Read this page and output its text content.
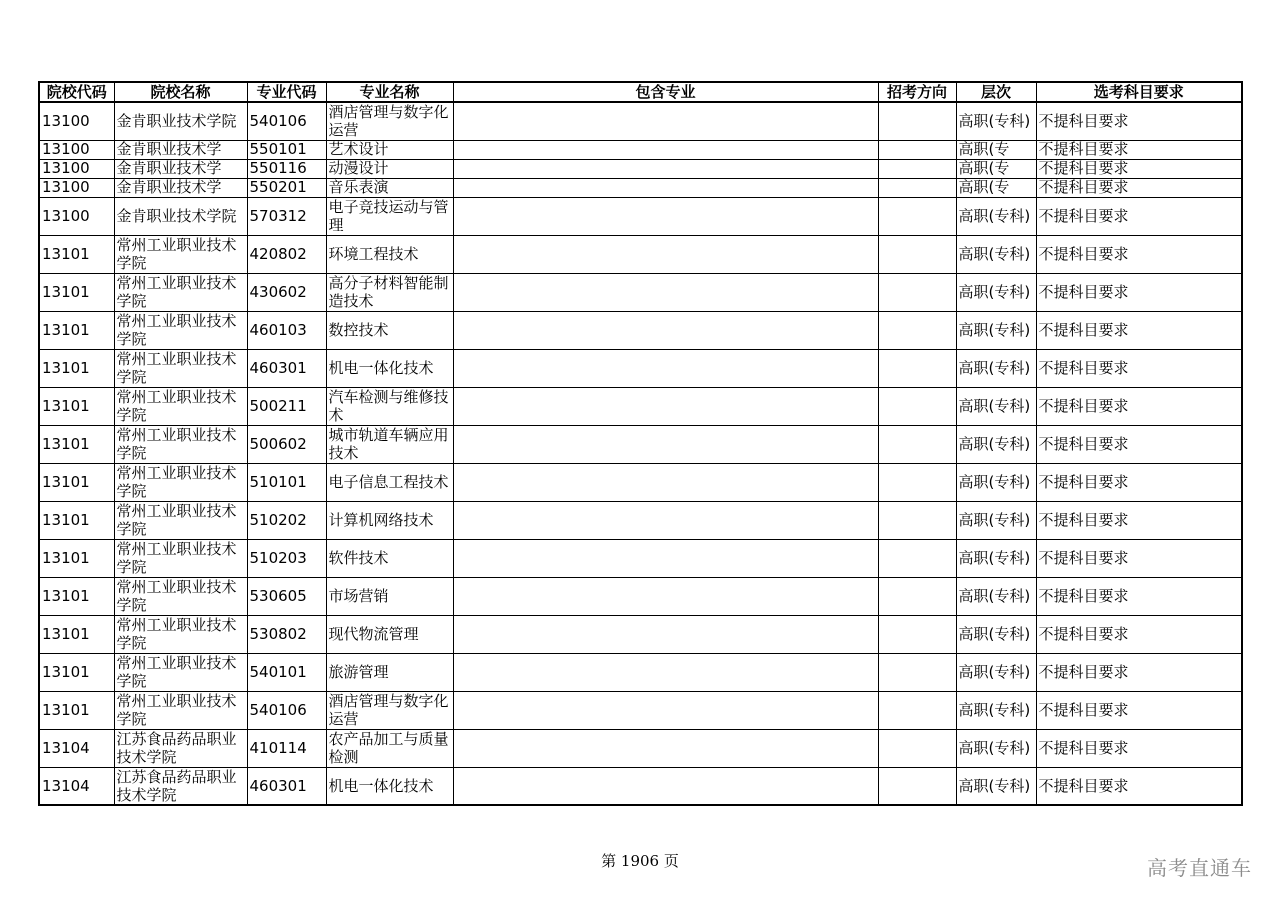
院校代码	院校名称	专业代码	专业名称	包含专业	招考方向	层次	选考科目要求
13100	金肯职业技术学院	540106	酒店管理与数字化运营			高职(专科)	不提科目要求
13100	金肯职业技术学	550101	艺术设计			高职(专	不提科目要求
13100	金肯职业技术学	550116	动漫设计			高职(专	不提科目要求
13100	金肯职业技术学	550201	音乐表演			高职(专	不提科目要求
13100	金肯职业技术学院	570312	电子竞技运动与管理			高职(专科)	不提科目要求
13101	常州工业职业技术学院	420802	环境工程技术			高职(专科)	不提科目要求
13101	常州工业职业技术学院	430602	高分子材料智能制造技术			高职(专科)	不提科目要求
13101	常州工业职业技术学院	460103	数控技术			高职(专科)	不提科目要求
13101	常州工业职业技术学院	460301	机电一体化技术			高职(专科)	不提科目要求
13101	常州工业职业技术学院	500211	汽车检测与维修技术			高职(专科)	不提科目要求
13101	常州工业职业技术学院	500602	城市轨道车辆应用技术			高职(专科)	不提科目要求
13101	常州工业职业技术学院	510101	电子信息工程技术			高职(专科)	不提科目要求
13101	常州工业职业技术学院	510202	计算机网络技术			高职(专科)	不提科目要求
13101	常州工业职业技术学院	510203	软件技术			高职(专科)	不提科目要求
13101	常州工业职业技术学院	530605	市场营销			高职(专科)	不提科目要求
13101	常州工业职业技术学院	530802	现代物流管理			高职(专科)	不提科目要求
13101	常州工业职业技术学院	540101	旅游管理			高职(专科)	不提科目要求
13101	常州工业职业技术学院	540106	酒店管理与数字化运营			高职(专科)	不提科目要求
13104	江苏食品药品职业技术学院	410114	农产品加工与质量检测			高职(专科)	不提科目要求
13104	江苏食品药品职业技术学院	460301	机电一体化技术			高职(专科)	不提科目要求
第 1906 页	高考直通车
